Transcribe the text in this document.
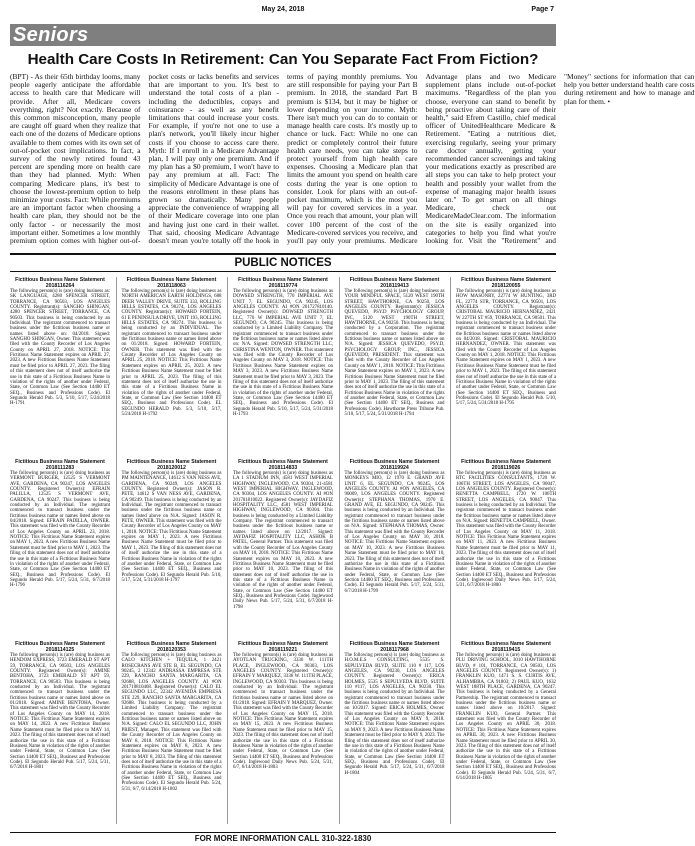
May 24, 2018	Page 7
Seniors
Health Care Costs In Retirement: Can You Separate Fact From Fiction?

(BPT) - As their 65th birthday looms, many people eagerly anticipate the affordable access to health care that Medicare will provide. After all, Medicare covers everything, right? Not exactly. Because of this common misconception, many people are caught off guard when they realize that each one of the dozens of Medicare options available to them comes with its own set of out-of-pocket cost implications. In fact, a survey of the newly retired found 43 percent are spending more on health care than they had planned. Myth: When comparing Medicare plans, it's best to choose the lowest-premium option to help minimize your costs. Fact: While premiums are an important factor when choosing a health care plan, they should not be the only factor - or necessarily the most important either. Sometimes a low monthly premium option comes with higher out-of-pocket costs or lacks benefits and services that are important to you. It's best to understand the total costs of a plan - including the deductibles, copays and coinsurance - as well as any benefit limitations that could increase your costs. For example, if you're not one to use a plan's network, you'll likely incur higher costs if you choose to access care there. Myth: If I enroll in a Medicare Advantage plan, I will pay only one premium. And if my plan has a $0 premium, I won't have to pay any premium at all. Fact: The simplicity of Medicare Advantage is one of the reasons enrollment in these plans has grown so dramatically. Many people appreciate the convenience of wrapping all of their Medicare coverage into one plan and having just one card in their wallet. That said, choosing Medicare Advantage doesn't mean you're totally off the hook in terms of paying monthly premiums. You are still responsible for paying your Part B premium. In 2018, the standard Part B premium is $134, but it may be higher or lower depending on your income. Myth: There isn't much you can do to contain or manage health care costs. It's mostly up to chance or luck. Fact: While no one can predict or completely control their future health care needs, you can take steps to protect yourself from high health care expenses. Choosing a Medicare plan that limits the amount you spend on health care costs during the year is one option to consider. Look for plans with an out-of-pocket maximum, which is the most you will pay for covered services in a year. Once you reach that amount, your plan will cover 100 percent of the cost of the Medicare-covered services you receive, and you'll pay only your premiums. Medicare Advantage plans and two Medicare supplement plans include out-of-pocket maximums. "Regardless of the plan you choose, everyone can stand to benefit by being proactive about taking care of their health," said Efrem Castillo, chief medical officer of UnitedHealthcare Medicare & Retirement. "Eating a nutritious diet, exercising regularly, seeing your primary care doctor annually, getting your recommended cancer screenings and taking your medications exactly as prescribed are all steps you can take to help protect your health and possibly your wallet from the expense of managing major health issues later on." To get smart on all things Medicare, check out MedicareMadeClear.com. The information on the site is easily organized into categories to help you find what you're looking for. Visit the "Retirement" and "Money" sections for information that can help you better understand health care costs during retirement and how to manage and plan for them. •

PUBLIC NOTICES
Fictitious Business Name Statement 2018116264
The following person(s) is (are) doing business as: SK LANGUAGE, 4280 SPENCER STREET, TORRANCE, CA 90503, LOS ANGELES COUNTY. Registrant(s): SANGHO SHINGAN, 4280 SPENCER STREET, TORRANCE, CA 90503. This business is being conducted by an Individual. The registrant commenced to transact business under the fictitious business name or names listed above on: 04/2018. Signed: SANGHO SHINGAN, Owner. This statement was filed with the County Recorder of Los Angeles County on APRIL 27, 2018. NOTICE: This Fictitious Name Statement expires on APRIL 27, 2023. A new Fictitious Business Name Statement must be filed prior to APRIL 27, 2023. The filing of this statement does not of itself authorize the use in this state of a Fictitious Business Name in violation of the rights of another under Federal, State, or Common Law (See Section 14400 ET SEQ., Business and Professions Code). El Segundo Herald Pub. 5/3, 5/10, 5/17, 5/24/2018 H-1791
Fictitious Business Name Statement 2018118063
The following person(s) is (are) doing business as NORTH AMERICAN EARTH HOLDINGS, 688 DEER VALLEY DRIVE, SUITE 333, ROLLING HILLS ESTATES, CA 90274, LOS ANGELES COUNTY. Registrant(s): HOWARD FORTEIN, 61 E PENINSULA DRIVE, UNIT 193, ROLLING HILLS ESTATES, CA 90274. This business is being conducted by an INDIVIDUAL. The registrant commenced to transact business under the fictitious business name or names listed above on 01/2018. Signed: HOWARD FORTEIN, OWNER. This statement was filed with the County Recorder of Los Angeles County on APRIL 25, 2018. NOTICE: This Fictitious Name Statement expires on APRIL 25, 2023. A new Fictitious Business Name Statement must be filed prior to APRIL 25, 2023. The filing of this statement does not of itself authorize the use in this state of a Fictitious Business Name in violation of the rights of another under Federal, State, or Common Law (See Section 14400 ET SEQ., Business and Professions Code). EL SEGUNDO HERALD Pub. 5/3, 5/10, 5/17, 5/24/2018 H-1792
Fictitious Business Name Statement 2018119774
The following person(s) is (are) doing business as DOWSED STRENGTH, 770 IMPERIAL AVE UNIT 7, EL SEGUNDO, CA 90245, LOS ANGELES COUNTY. AI #ON 201727810140. Registered Owner(s): DOWSED STRENGTH LLC, 770 W IMPERIAL AVE UNIT 7, EL SEGUNDO, CA 90245. This business is being conducted by a Limited Liability Company. The registrant commenced to transact business under the fictitious business name or names listed above on: N/A. Signed: DOWSED STRENGTH LLC, CHRISTINA WENTON, OWNER. This statement was filed with the County Recorder of Los Angeles County on MAY 3, 2018. NOTICE: This Fictitious Business Name Statement expires on MAY 3, 2023. A new Fictitious Business Name Statement must be filed prior to MAY 3, 2023. The filing of this statement does not of itself authorize the use in this state of a Fictitious Business Name in violation of the rights of another under Federal, State, or Common Law (See Section 14400 ET SEQ., Business and Professions Code). El Segundo Herald Pub. 5/10, 5/17, 5/24, 5/31/2018 H-1793
Fictitious Business Name Statement 2018119413
The following person(s) is (are) doing business as YOUR MINDFUL SPACE, 5120 WEST 190TH STREET, HAWTHORNE, CA 90250, LOS ANGELES COUNTY. Registrant(s): JESSICA QUEVEDO, PSY.D PSYCHOLOGY GROUP, INC, 5120 WEST 190TH STREET, HAWTHORNE, CA 90250. This business is being conducted by a Corporation. The registrant commenced to transact business under the fictitious business name or names listed above on N/A. Signed: JESSICA QUEVEDO, PSY.D, PSYCHOLOGY GROUP, INC., JESSICA QUEVEDO, PRESIDENT. This statement was filed with the County Recorder of Los Angeles County on MAY 1, 2018. NOTICE: This Fictitious Name Statement expires on MAY 1, 2023. A new Fictitious Business Name Statement must be filed prior to MAY 1, 2023. The filing of this statement does not of itself authorize the use in this state of a Fictitious Business Name in violation of the rights of another under Federal, State, or Common Law (See Section 14400 ET SEQ., Business and Professions Code). Hawthorne Press Tribune Pub. 5/10, 5/17, 5/24, 5/31/2018 H-1794
Fictitious Business Name Statement 2018120055
The following person(s) is (are) doing business as HOW MASONRY, 22774 W HUNTING, 3RD FL, 22774 STR, TORRANCE, CA 90501, LOS ANGELES COUNTY. Registrant(s): CRISTOBAL MAURICIO HERNANDEZ, 2421 W 227TH ST #59, TORRANCE, CA 90501. This business is being conducted by an Individual. The registrant commenced to transact business under the fictitious business name or names listed above on 04/2018. Signed: CRISTOBAL MAURICIO HERNANDEZ, OWNER. This statement was filed with the County Recorder of Los Angeles County on MAY 1, 2018. NOTICE: This Fictitious Name Statement expires on MAY 1, 2023. A new Fictitious Business Name Statement must be filed prior to MAY 1, 2023. The filing of this statement does not of itself authorize the use in this state of a Fictitious Business Name in violation of the rights of another under Federal, State, or Common Law (See Section 14400 ET SEQ., Business and Professions Code). El Segundo Herald Pub. 5/10, 5/17, 5/24, 5/31/2018 H-1795
Fictitious Business Name Statement 2018111283
The following person(s) is (are) doing business as VERMONT BURGER, 12525 S VERMONT AVE, GARDENA, CA 90247, LOS ANGELES COUNTY. Registered Owner(s): EFRAIN PALILLA, 12525 S VERMONT AVE, GARDENA, CA 90247. This business is being conducted by an Individual. The registrant commenced to transact business under the fictitious business name or names listed above on 04/2018. Signed: EFRAIN PADILLA, OWNER. This statement was filed with the County Recorder of Los Angeles County on APRIL 23, 2018. NOTICE: This Fictitious Name Statement expires on MAY 1, 2023. A new Fictitious Business Name Statement must be filed prior to MAY 1, 2023. The filing of this statement does not of itself authorize the use in this state of a Fictitious Business Name in violation of the rights of another under Federal, State, or Common Law (See Section 14400 ET SEQ., Business and Professions Code). El Segundo Herald Pub. 5/17, 5/24, 5/31, 6/7/2018 H-1796
Fictitious Business Name Statement 2018120012
The following person(s) is (are) doing business as PM MAINTENANCE, 14612 S VAN NESS AVE, GARDENA, CA 90249, LOS ANGELES COUNTY. Registered Owner(s): JASON R. PETE, 14612 S VAN NESS AVE, GARDENA, CA 90249. This business is being conducted by an Individual. The registrant commenced to transact business under the fictitious business name or names listed above on N/A. Signed: JASON R. PETE, OWNER. This statement was filed with the County Recorder of Los Angeles County on MAY 1, 2018. NOTICE: This Fictitious Name Statement expires on MAY 1, 2023. A new Fictitious Business Name Statement must be filed prior to MAY 1, 2023. The filing of this statement does not of itself authorize the use in this state of a Fictitious Business Name in violation of the rights of another under Federal, State, or Common Law (See Section 14400 ET SEQ., Business and Professions Code). El Segundo Herald Pub. 5/10, 5/17, 5/24, 5/31/2018 H-1797
Fictitious Business Name Statement 2018114833
The following person(s) is (are) doing business as LA 1 STADIUM INN, 4581 WEST IMPERIAL HIGHWAY, INGLEWOOD, CA 90304, 21-4581 WEST IMPERIAL HIGHWAY, INGLEWOOD, CA 90304, LOS ANGELES COUNTY. AI #ON 201701810022. Registered Owner(s): JAYDAFIZ HOSPITALITY LLC, 4581 WEST IMPERIAL HIGHWAY, INGLEWOOD, CA 90304. This business is being conducted by a Limited Liability Company. The registrant commenced to transact business under the fictitious business name or names listed above on 12/2017. Signed: JAYDAFIZ HOSPITALITY LLC, ASHOK B PATEL, General Partner. This statement was filed with the County Recorder of Los Angeles County on MAY 10, 2018. NOTICE: This Fictitious Name Statement expires on MAY 10, 2023. A new Fictitious Business Name Statement must be filed prior to MAY 10, 2023. The filing of this statement does not of itself authorize the use in this state of a Fictitious Business Name in violation of the rights of another under Federal, State, or Common Law (See Section 14400 ET SEQ., Business and Professions Code). Inglewood Daily News Pub. 5/17, 5/24, 5/31, 6/7/2018 H-1798
Fictitious Business Name Statement 2018119924
The following person(s) is (are) doing business as MONKEYS MIO, 12 1970 E. GRAND AVE UNIT 6, EL SEGUNDO, CA 90245, LOS ANGELES COUNTY. AI #ON ANGELES, CA 90009, LOS ANGELES COUNTY. Registered Owner(s): STEPHANA THOMAS, 1970 E. GRAND AVE, EL SEGUNDO, CA 90245. This business is being conducted by an Individual. The registrant commenced to transact business under the fictitious business name or names listed above on N/A. Signed: STEPHANA THOMAS, Owner. This statement was filed with the County Recorder of Los Angeles County on MAY 10, 2018. NOTICE: This Fictitious Name Statement expires on MAY 10, 2023. A new Fictitious Business Name Statement must be filed prior to MAY 10, 2023. The filing of this statement does not of itself authorize the use in this state of a Fictitious Business Name in violation of the rights of another under Federal, State, or Common Law (See Section 14400 ET SEQ., Business and Professions Code). El Segundo Herald Pub. 5/17, 5/24, 5/31, 6/7/2018 H-1799
Fictitious Business Name Statement 2018119026
The following person(s) is (are) doing business as RTC FACILITIES CONSULTANTS, 1720 W. 106TH STREET, LOS ANGELES, CA 90047, LOS ANGELES COUNTY. Registered Owner(s): RENETTA CAMPBELL, 1720 W. 106TH STREET, LOS ANGELES, CA 90047. This business is being conducted by an Individual. The registrant commenced to transact business under the fictitious business name or names listed above on N/A. Signed: RENETTA CAMPBELL, Owner. This statement was filed with the County Recorder of Los Angeles County on MAY 11, 2018. NOTICE: This Fictitious Name Statement expires on MAY 11, 2023. A new Fictitious Business Name Statement must be filed prior to MAY 11, 2023. The filing of this statement does not of itself authorize the use in this state of a Fictitious Business Name in violation of the rights of another under Federal, State, or Common Law (See Section 14400 ET SEQ., Business and Professions Code). Inglewood Daily News Pub. 5/17, 5/24, 5/31, 6/7/2018 H-1800
Fictitious Business Name Statement 2018114125
The following person(s) is (are) doing business as HENDOM EXPRESS, 3723 EMERALD ST APT 59, TORRANCE, CA 90503, LOS ANGELES COUNTY. Registered Owner(s): AMINE BENTOHA, 3723 EMERALD ST APT 59, TORRANCE, CA 90503. This business is being conducted by an Individual. The registrant commenced to transact business under the fictitious business name or names listed above on 01/2018. Signed: AMINE BENTOHA, Owner. This statement was filed with the County Recorder of Los Angeles County on MAY 14, 2018. NOTICE: This Fictitious Name Statement expires on MAY 14, 2023. A new Fictitious Business Name Statement must be filed prior to MAY 14, 2023. The filing of this statement does not of itself authorize the use in this state of a Fictitious Business Name in violation of the rights of another under Federal, State, or Common Law (See Section 14400 ET SEQ., Business and Professions Code). El Segundo Herald Pub. 5/17, 5/24, 5/31, 6/7/2018 H-1801
Fictitious Business Name Statement 2018120353
The following person(s) is (are) doing business as CALO KITCHEN + TEQUILA, 1 2421 ROSECRANS AVE STE B, EL SEGUNDO, CA 90245, 2 12342 ANDRASSA EMPRESA STE 229, RANCHO SANTA MARGARITA, CA 92688, LOS ANGELES COUNTY. AI #ON 201710810468. Registered Owner(s): CALO EL SEGUNDO LLC, 22342 AVENIDA EMPRESA STE 229, RANCHO SANTA MARGARITA, CA 92688. This business is being conducted by a Limited Liability Company. The registrant commenced to transact business under the fictitious business name or names listed above on N/A. Signed: CALO EL SEGUNDO LLC, JOHN PRIEST, Manager. This statement was filed with the County Recorder of Los Angeles County on MAY 8, 2018. NOTICE: This Fictitious Name Statement expires on MAY 8, 2023. A new Fictitious Business Name Statement must be filed prior to MAY 8, 2023. The filing of this statement does not of itself authorize the use in this state of a Fictitious Business Name in violation of the rights of another under Federal, State, or Common Law (See Section 14400 ET SEQ., Business and Professions Code). El Segundo Herald Pub. 5/24, 5/31, 6/7, 6/14/2018 H-1802
Fictitious Business Name Statement 2018119221
The following person(s) is (are) doing business as AYOTLAN TRUCKING, 3336 W. 111TH PLACE, INGLEWOOD, CA 90303, LOS ANGELES COUNTY. Registered Owner(s): EFRAIN Y MARQUEZ, 3336 W. 111TH PLACE, INGLEWOOD, CA 90303. This business is being conducted by an Individual. The registrant commenced to transact business under the fictitious business name or names listed above on 01/2018. Signed: EFRAIN Y MARQUEZ, Owner. This statement was filed with the County Recorder of Los Angeles County on MAY 15, 2018. NOTICE: This Fictitious Name Statement expires on MAY 15, 2023. A new Fictitious Business Name Statement must be filed prior to MAY 15, 2023. The filing of this statement does not of itself authorize the use in this state of a Fictitious Business Name in violation of the rights of another under Federal, State, or Common Law (See Section 14400 ET SEQ., Business and Professions Code). Inglewood Daily News Pub. 5/24, 5/31, 6/7, 6/14/2018 H-1803
Fictitious Business Name Statement 2018117968
The following person(s) is (are) doing business as H.O.M.E.S CONSULTING, 5535 S. SEPULVEDA BLVD, SUITE 110 # 117, LOS ANGELES, CA 90230, LOS ANGELES COUNTY. Registered Owner(s): ERICA HOLMES, 5535 S SEPULVEDA BLVD, SUITE 110 #117, LOS ANGELES, CA 90230. This business is being conducted by an Individual. The registrant commenced to transact business under the fictitious business name or names listed above on 10/2017. Signed: ERICA HOLMES, Owner. This statement was filed with the County Recorder of Los Angeles County on MAY 9, 2018. NOTICE: This Fictitious Name Statement expires on MAY 9, 2023. A new Fictitious Business Name Statement must be filed prior to MAY 9, 2023. The filing of this statement does not of itself authorize the use in this state of a Fictitious Business Name in violation of the rights of another under Federal, State, or Common Law (See Section 14400 ET SEQ., Business and Professions Code). El Segundo Herald Pub. 5/17, 5/24, 5/31, 6/7/2018 H-1804
Fictitious Business Name Statement 2018119415
The following person(s) is (are) doing business as PLU DRIVING SCHOOL, 3010 HAWTHORNE BLVD, # 101, TORRANCE, CA 90503, LOS ANGELES COUNTY. Registered Owner(s): 1) FRANKLIN KUO, 1471 S. S. CURTIS AVE, ALHAMBRA, CA 91803; 2) PAUL KUO, 1632 WEST 188TH PLACE, GARDENA, CA 90247. This business is being conducted by a General Partnership. The registrant commenced to transact business under the fictitious business name or names listed above on 10/2017. Signed: FRANKLIN KUO, General Partner. This statement was filed with the County Recorder of Los Angeles County on APRIL 30, 2018. NOTICE: This Fictitious Name Statement expires on APRIL 30, 2023. A new Fictitious Business Name Statement must be filed prior to APRIL 30, 2023. The filing of this statement does not of itself authorize the use in this state of a Fictitious Business Name in violation of the rights of another under Federal, State, or Common Law (See Section 14400 ET SEQ., Business and Professions Code). El Segundo Herald Pub. 5/24, 5/31, 6/7, 6/14/2018 H-1805
FOR MORE INFORMATION CALL 310-322-1830
